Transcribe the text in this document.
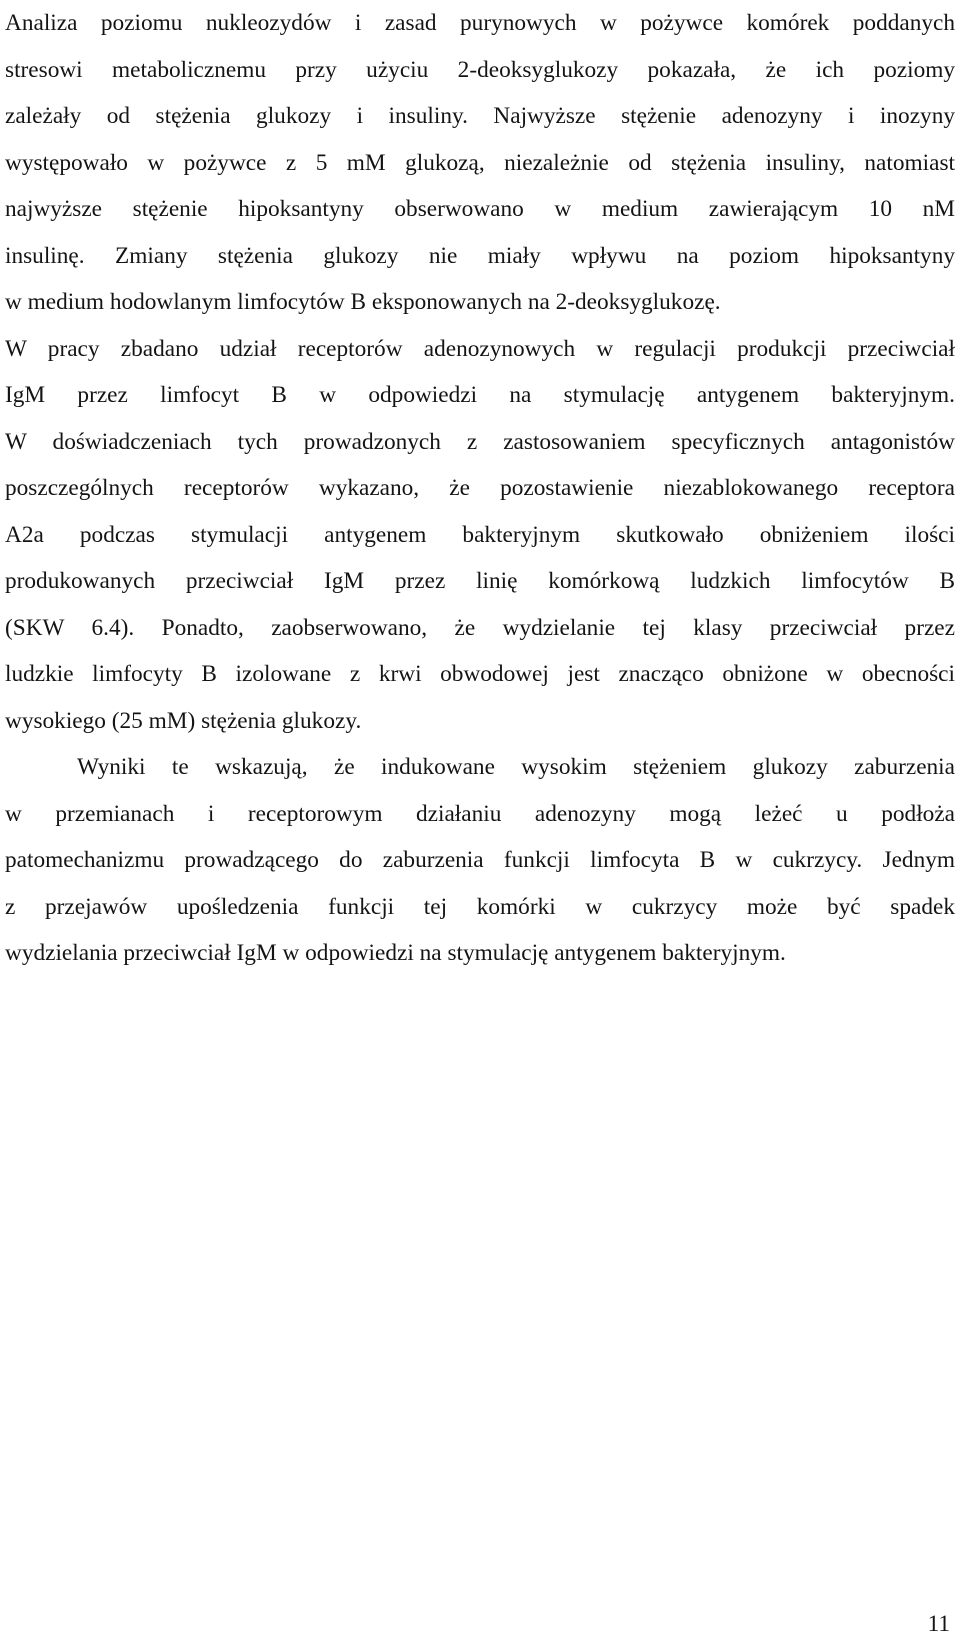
Analiza poziomu nukleozydów i zasad purynowych w pożywce komórek poddanych
stresowi metabolicznemu przy użyciu 2-deoksyglukozy pokazała, że ich poziomy
zależały od stężenia glukozy i insuliny. Najwyższe stężenie adenozyny i inozyny
występowało w pożywce z 5 mM glukozą, niezależnie od stężenia insuliny, natomiast
najwyższe stężenie hipoksantyny obserwowano w medium zawierającym 10 nM
insulinę. Zmiany stężenia glukozy nie miały wpływu na poziom hipoksantyny
w medium hodowlanym limfocytów B eksponowanych na 2-deoksyglukozę.
W pracy zbadano udział receptorów adenozynowych w regulacji produkcji przeciwciał
IgM przez limfocyt B w odpowiedzi na stymulację antygenem bakteryjnym.
W doświadczeniach tych prowadzonych z zastosowaniem specyficznych antagonistów
poszczególnych receptorów wykazano, że pozostawienie niezablokowanego receptora
A2a podczas stymulacji antygenem bakteryjnym skutkowało obniżeniem ilości
produkowanych przeciwciał IgM przez linię komórkową ludzkich limfocytów B
(SKW 6.4). Ponadto, zaobserwowano, że wydzielanie tej klasy przeciwciał przez
ludzkie limfocyty B izolowane z krwi obwodowej jest znacząco obniżone w obecności
wysokiego (25 mM) stężenia glukozy.
Wyniki te wskazują, że indukowane wysokim stężeniem glukozy zaburzenia
w przemianach i receptorowym działaniu adenozyny mogą leżeć u podłoża
patomechanizmu prowadzącego do zaburzenia funkcji limfocyta B w cukrzycy. Jednym
z przejawów upośledzenia funkcji tej komórki w cukrzycy może być spadek
wydzielania przeciwciał IgM w odpowiedzi na stymulację antygenem bakteryjnym.
11
